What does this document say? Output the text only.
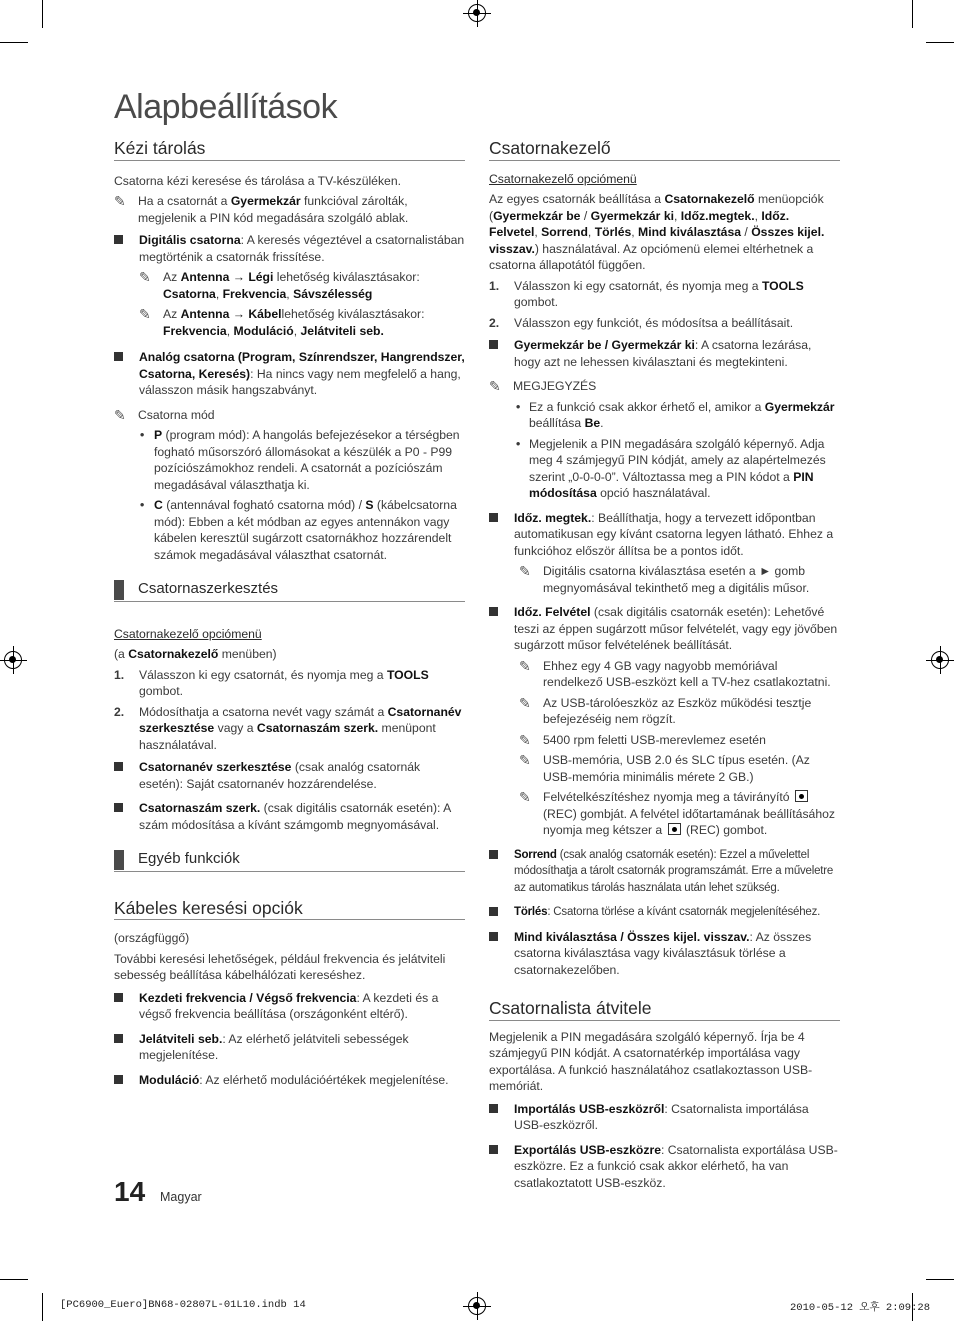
Alapbeállítások
Kézi tárolás

Csatorna kézi keresése és tárolása a TV-készüléken.

✎ Ha a csatornát a Gyermekzár funkcióval zárolták, megjelenik a PIN kód megadására szolgáló ablak.
Digitális csatorna: A keresés végeztével a csatornalistában megtörténik a csatornák frissítése.
✎ Az Antenna → Légi lehetőség kiválasztásakor: Csatorna, Frekvencia, Sávszélesség
✎ Az Antenna → Kábellehetőség kiválasztásakor: Frekvencia, Moduláció, Jelátviteli seb.
Analóg csatorna (Program, Színrendszer, Hangrendszer, Csatorna, Keresés): Ha nincs vagy nem megfelelő a hang, válasszon másik hangszabványt.
✎ Csatorna mód
• P (program mód): A hangolás befejezésekor a térségben fogható műsorszóró állomásokat a készülék a P0 - P99 pozíciószámokhoz rendeli. A csatornát a pozíciószám megadásával választhatja ki.
• C (antennával fogható csatorna mód) / S (kábelcsatorna mód): Ebben a két módban az egyes antennákon vagy kábelen keresztül sugárzott csatornákhoz hozzárendelt számok megadásával választhat csatornát.
Csatornaszerkesztés
Csatornakezelő opciómenü

(a Csatornakezelő menüben)

1. Válasszon ki egy csatornát, és nyomja meg a TOOLS gombot.
2. Módosíthatja a csatorna nevét vagy számát a Csatornanév szerkesztése vagy a Csatornaszám szerk. menüpont használatával.
Csatornanév szerkesztése (csak analóg csatornák esetén): Saját csatornanév hozzárendelése.
Csatornaszám szerk. (csak digitális csatornák esetén): A szám módosítása a kívánt számgomb megnyomásával.
Egyéb funkciók
Kábeles keresési opciók

(országfüggő)

További keresési lehetőségek, például frekvencia és jelátviteli sebesség beállítása kábelhálózati kereséshez.

Kezdeti frekvencia / Végső frekvencia: A kezdeti és a végső frekvencia beállítása (országonként eltérő).
Jelátviteli seb.: Az elérhető jelátviteli sebességek megjelenítése.
Moduláció: Az elérhető modulációértékek megjelenítése.
Csatornakezelő
Csatornakezelő opciómenü

Az egyes csatornák beállítása a Csatornakezelő menüopciók (Gyermekzár be / Gyermekzár ki, Időz.megtek., Időz. Felvetel, Sorrend, Törlés, Mind kiválasztása / Összes kijel. visszav.) használatával. Az opciómenü elemei eltérhetnek a csatorna állapotától függően.

1. Válasszon ki egy csatornát, és nyomja meg a TOOLS gombot.
2. Válasszon egy funkciót, és módosítsa a beállításait.
Gyermekzár be / Gyermekzár ki: A csatorna lezárása, hogy azt ne lehessen kiválasztani és megtekinteni.
✎ MEGJEGYZÉS
• Ez a funkció csak akkor érhető el, amikor a Gyermekzár beállítása Be.
• Megjelenik a PIN megadására szolgáló képernyő. Adja meg 4 számjegyű PIN kódját, amely az alapértelmezés szerint „0-0-0-0”. Változtassa meg a PIN kódot a PIN módosítása opció használatával.
Időz. megtek.: Beállíthatja, hogy a tervezett időpontban automatikusan egy kívánt csatorna legyen látható. Ehhez a funkcióhoz először állítsa be a pontos időt.
✎ Digitális csatorna kiválasztása esetén a ► gomb megnyomásával tekinthető meg a digitális műsor.
Időz. Felvétel (csak digitális csatornák esetén): Lehetővé teszi az éppen sugárzott műsor felvételét, vagy egy jövőben sugárzott műsor felvételének beállítását.
✎ Ehhez egy 4 GB vagy nagyobb memóriával rendelkező USB-eszközt kell a TV-hez csatlakoztatni.
✎ Az USB-tárolóeszköz az Eszköz működési tesztje befejezéséig nem rögzít.
✎ 5400 rpm feletti USB-merevlemez esetén
✎ USB-memória, USB 2.0 és SLC típus esetén. (Az USB-memória minimális mérete 2 GB.)
✎ Felvételkészítéshez nyomja meg a távirányító  (REC) gombját. A felvétel időtartamának beállításához nyomja meg kétszer a (REC) gombot.
Sorrend (csak analóg csatornák esetén): Ezzel a művelettel módosíthatja a tárolt csatornák programszámát. Erre a műveletre az automatikus tárolás használata után lehet szükség.
Törlés: Csatorna törlése a kívánt csatornák megjelenítéséhez.
Mind kiválasztása / Összes kijel. visszav.: Az összes csatorna kiválasztása vagy kiválasztásuk törlése a csatornakezelőben.
Csatornalista átvitele

Megjelenik a PIN megadására szolgáló képernyő. Írja be 4 számjegyű PIN kódját. A csatornatérkép importálása vagy exportálása. A funkció használatához csatlakoztasson USB-memóriát.

Importálás USB-eszközről: Csatornalista importálása USB-eszközről.
Exportálás USB-eszközre: Csatornalista exportálása USB-eszközre. Ez a funkció csak akkor elérhető, ha van csatlakoztatott USB-eszköz.
14 Magyar
[PC6900_Euero]BN68-02807L-01L10.indb 14	2010-05-12 오후 2:09:28
